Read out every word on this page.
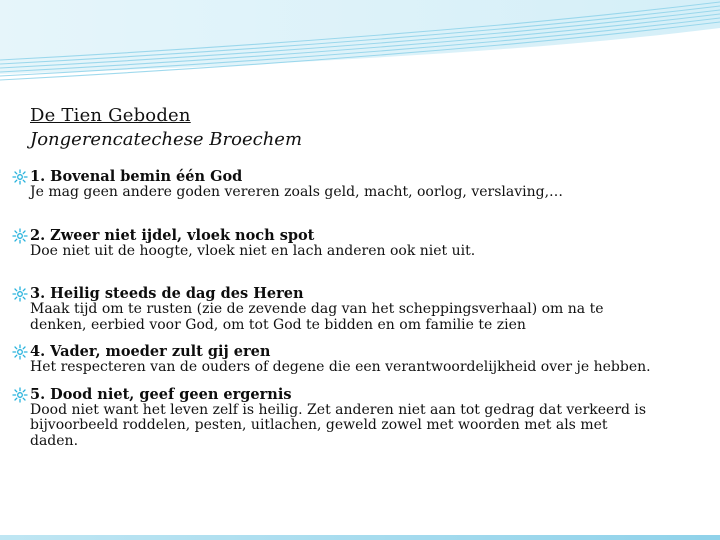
De Tien Geboden
Jongerencatechese Broechem
1. Bovenal bemin één God
Je mag geen andere goden vereren zoals geld, macht, oorlog, verslaving,…
2. Zweer niet ijdel, vloek noch spot
Doe niet uit de hoogte, vloek niet en lach anderen ook niet uit.
3. Heilig steeds de dag des Heren
Maak tijd om te rusten (zie de zevende dag van het scheppingsverhaal) om na te denken, eerbied voor God, om tot God te bidden en om familie te zien
4. Vader, moeder zult gij eren
Het respecteren van de ouders of degene die een verantwoordelijkheid over je hebben.
5. Dood niet, geef geen ergernis
Dood niet want het leven zelf is heilig. Zet anderen niet aan tot gedrag dat verkeerd is bijvoorbeeld roddelen, pesten, uitlachen, geweld zowel met woorden met als met daden.
